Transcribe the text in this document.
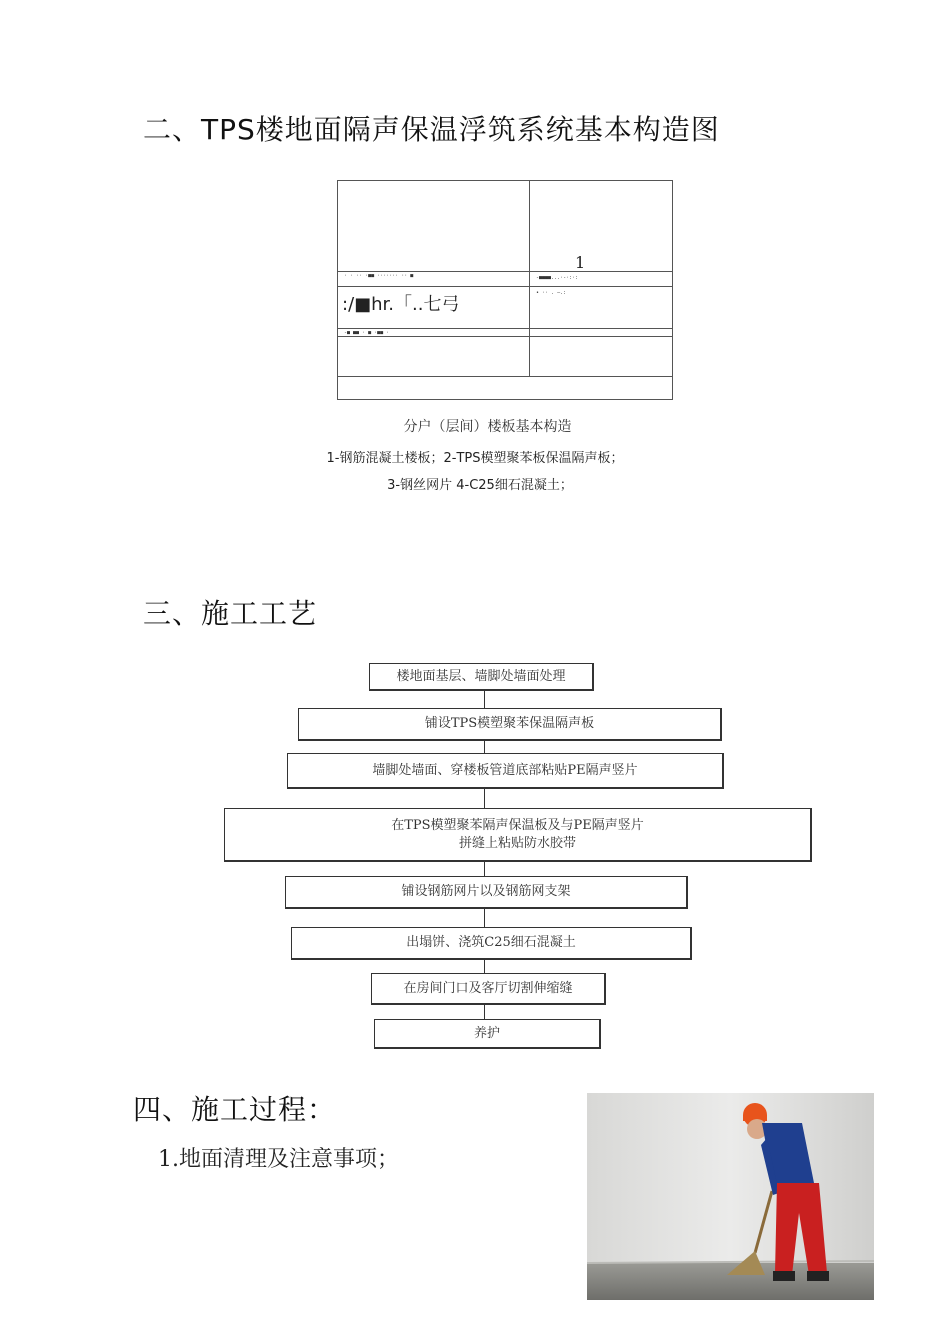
二、TPS楼地面隔声保温浮筑系统基本构造图
1
· · ·· ·■■ ······· ·· ■	-■■■■...·-·:·:
• ·· . —.:
:/■hr.「..七弓
-■ ■■ · ■ ·■■ ·
分户（层间）楼板基本构造
1-钢筋混凝土楼板；2-TPS模塑聚苯板保温隔声板；
3-钢丝网片 4-C25细石混凝土；
三、施工工艺
楼地面基层、墙脚处墙面处理
铺设TPS模塑聚苯保温隔声板
墙脚处墙面、穿楼板管道底部粘贴PE隔声竖片
在TPS模塑聚苯隔声保温板及与PE隔声竖片
拼缝上粘贴防水胶带
铺设钢筋网片以及钢筋网支架
出塌饼、浇筑C25细石混凝土
在房间门口及客厅切割伸缩缝
养护
四、施工过程：
1.地面清理及注意事项；
